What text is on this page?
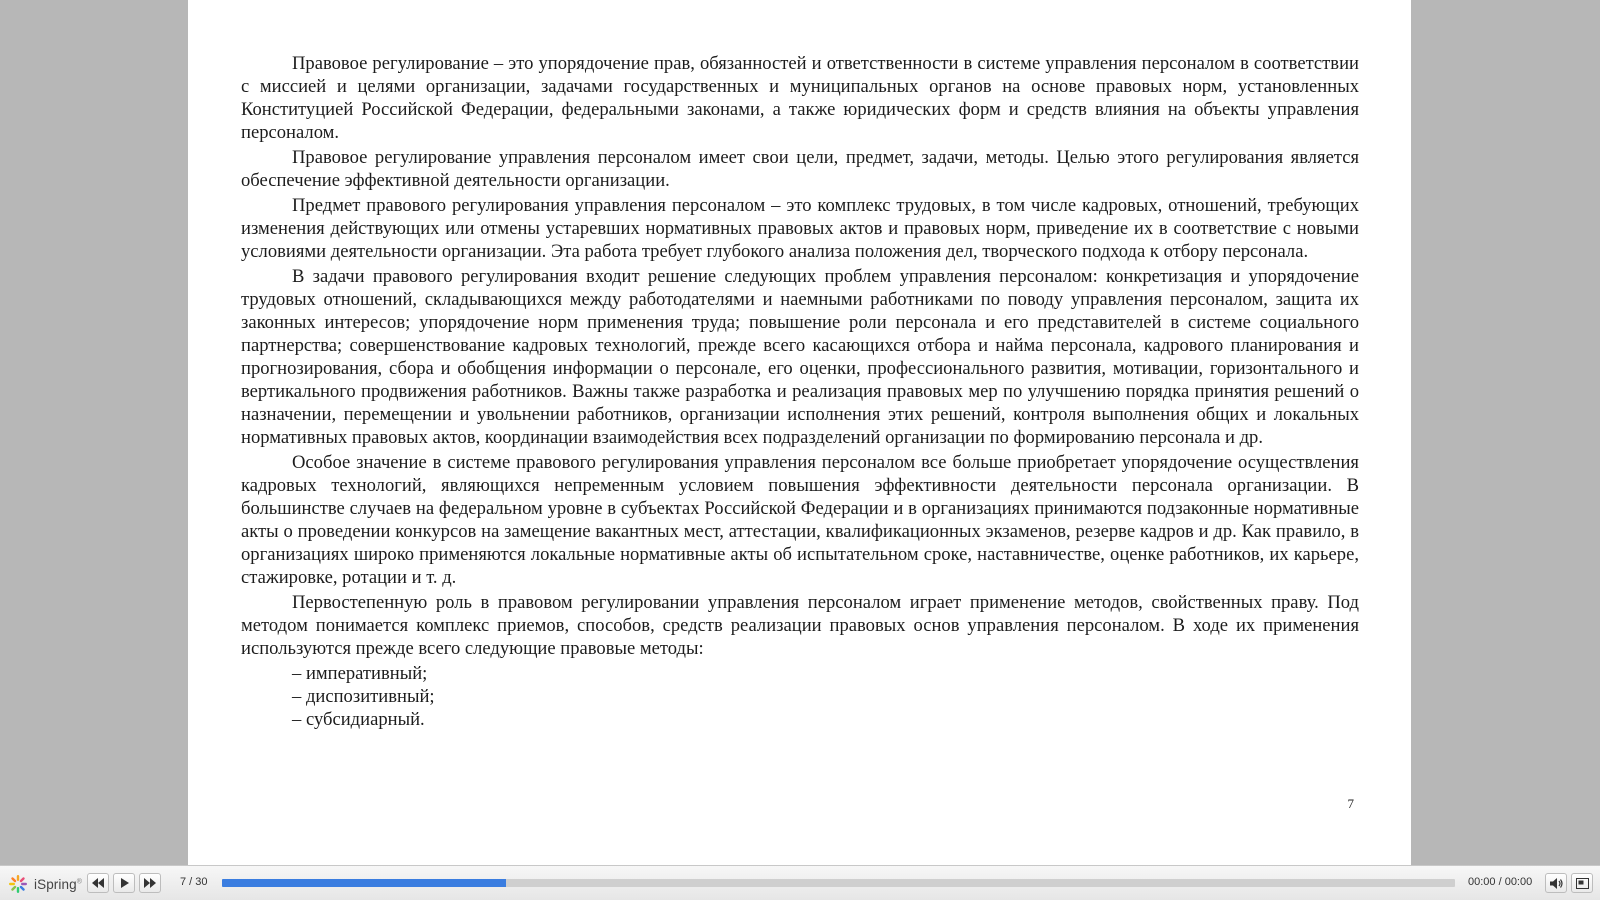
Правовое регулирование – это упорядочение прав, обязанностей и ответственности в системе управления персоналом в соответствии с миссией и целями организации, задачами государственных и муниципальных органов на основе правовых норм, установленных Конституцией Российской Федерации, федеральными законами, а также юридических форм и средств влияния на объекты управления персоналом.

Правовое регулирование управления персоналом имеет свои цели, предмет, задачи, методы. Целью этого регулирования является обеспечение эффективной деятельности организации.

Предмет правового регулирования управления персоналом – это комплекс трудовых, в том числе кадровых, отношений, требующих изменения действующих или отмены устаревших нормативных правовых актов и правовых норм, приведение их в соответствие с новыми условиями деятельности организации. Эта работа требует глубокого анализа положения дел, творческого подхода к отбору персонала.

В задачи правового регулирования входит решение следующих проблем управления персоналом: конкретизация и упорядочение трудовых отношений, складывающихся между работодателями и наемными работниками по поводу управления персоналом, защита их законных интересов; упорядочение норм применения труда; повышение роли персонала и его представителей в системе социального партнерства; совершенствование кадровых технологий, прежде всего касающихся отбора и найма персонала, кадрового планирования и прогнозирования, сбора и обобщения информации о персонале, его оценки, профессионального развития, мотивации, горизонтального и вертикального продвижения работников. Важны также разработка и реализация правовых мер по улучшению порядка принятия решений о назначении, перемещении и увольнении работников, организации исполнения этих решений, контроля выполнения общих и локальных нормативных правовых актов, координации взаимодействия всех подразделений организации по формированию персонала и др.

Особое значение в системе правового регулирования управления персоналом все больше приобретает упорядочение осуществления кадровых технологий, являющихся непременным условием повышения эффективности деятельности персонала организации. В большинстве случаев на федеральном уровне в субъектах Российской Федерации и в организациях принимаются подзаконные нормативные акты о проведении конкурсов на замещение вакантных мест, аттестации, квалификационных экзаменов, резерве кадров и др. Как правило, в организациях широко применяются локальные нормативные акты об испытательном сроке, наставничестве, оценке работников, их карьере, стажировке, ротации и т. д.

Первостепенную роль в правовом регулировании управления персоналом играет применение методов, свойственных праву. Под методом понимается комплекс приемов, способов, средств реализации правовых основ управления персоналом. В ходе их применения используются прежде всего следующие правовые методы:

– императивный;

– диспозитивный;

– субсидиарный.

7
iSpring®	7 / 30	00:00 / 00:00
